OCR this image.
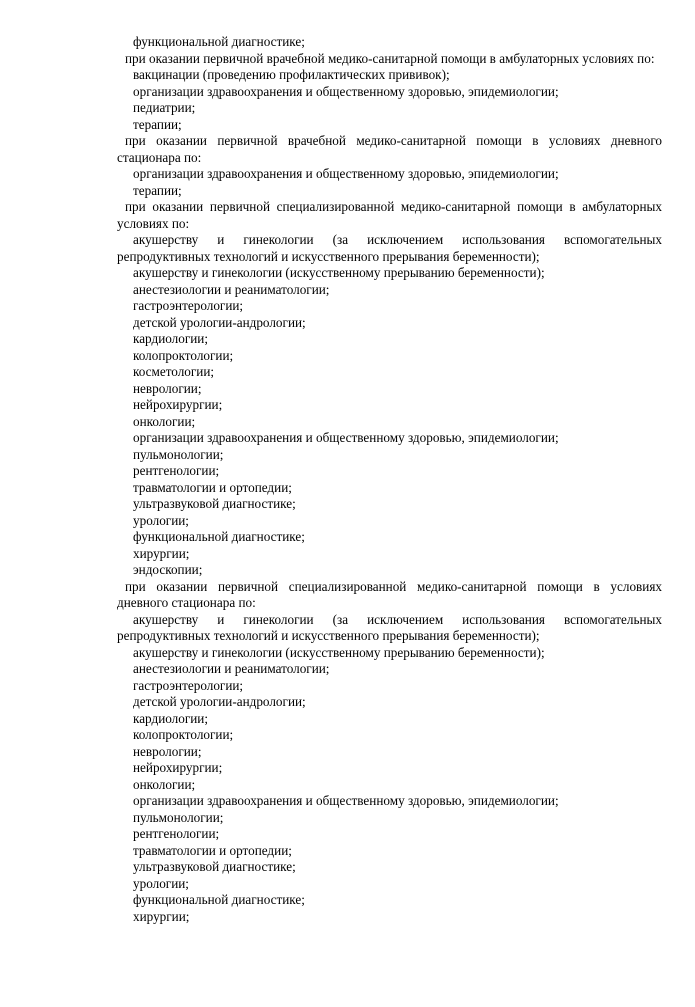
функциональной диагностике;

при оказании первичной врачебной медико-санитарной помощи в амбулаторных условиях по:

вакцинации (проведению профилактических прививок);

организации здравоохранения и общественному здоровью, эпидемиологии;

педиатрии;

терапии;

при оказании первичной врачебной медико-санитарной помощи в условиях дневного стационара по:

организации здравоохранения и общественному здоровью, эпидемиологии;

терапии;

при оказании первичной специализированной медико-санитарной помощи в амбулаторных условиях по:

акушерству и гинекологии (за исключением использования вспомогательных репродуктивных технологий и искусственного прерывания беременности);

акушерству и гинекологии (искусственному прерыванию беременности);

анестезиологии и реаниматологии;

гастроэнтерологии;

детской урологии-андрологии;

кардиологии;

колопроктологии;

косметологии;

неврологии;

нейрохирургии;

онкологии;

организации здравоохранения и общественному здоровью, эпидемиологии;

пульмонологии;

рентгенологии;

травматологии и ортопедии;

ультразвуковой диагностике;

урологии;

функциональной диагностике;

хирургии;

эндоскопии;

при оказании первичной специализированной медико-санитарной помощи в условиях дневного стационара по:

акушерству и гинекологии (за исключением использования вспомогательных репродуктивных технологий и искусственного прерывания беременности);

акушерству и гинекологии (искусственному прерыванию беременности);

анестезиологии и реаниматологии;

гастроэнтерологии;

детской урологии-андрологии;

кардиологии;

колопроктологии;

неврологии;

нейрохирургии;

онкологии;

организации здравоохранения и общественному здоровью, эпидемиологии;

пульмонологии;

рентгенологии;

травматологии и ортопедии;

ультразвуковой диагностике;

урологии;

функциональной диагностике;

хирургии;
